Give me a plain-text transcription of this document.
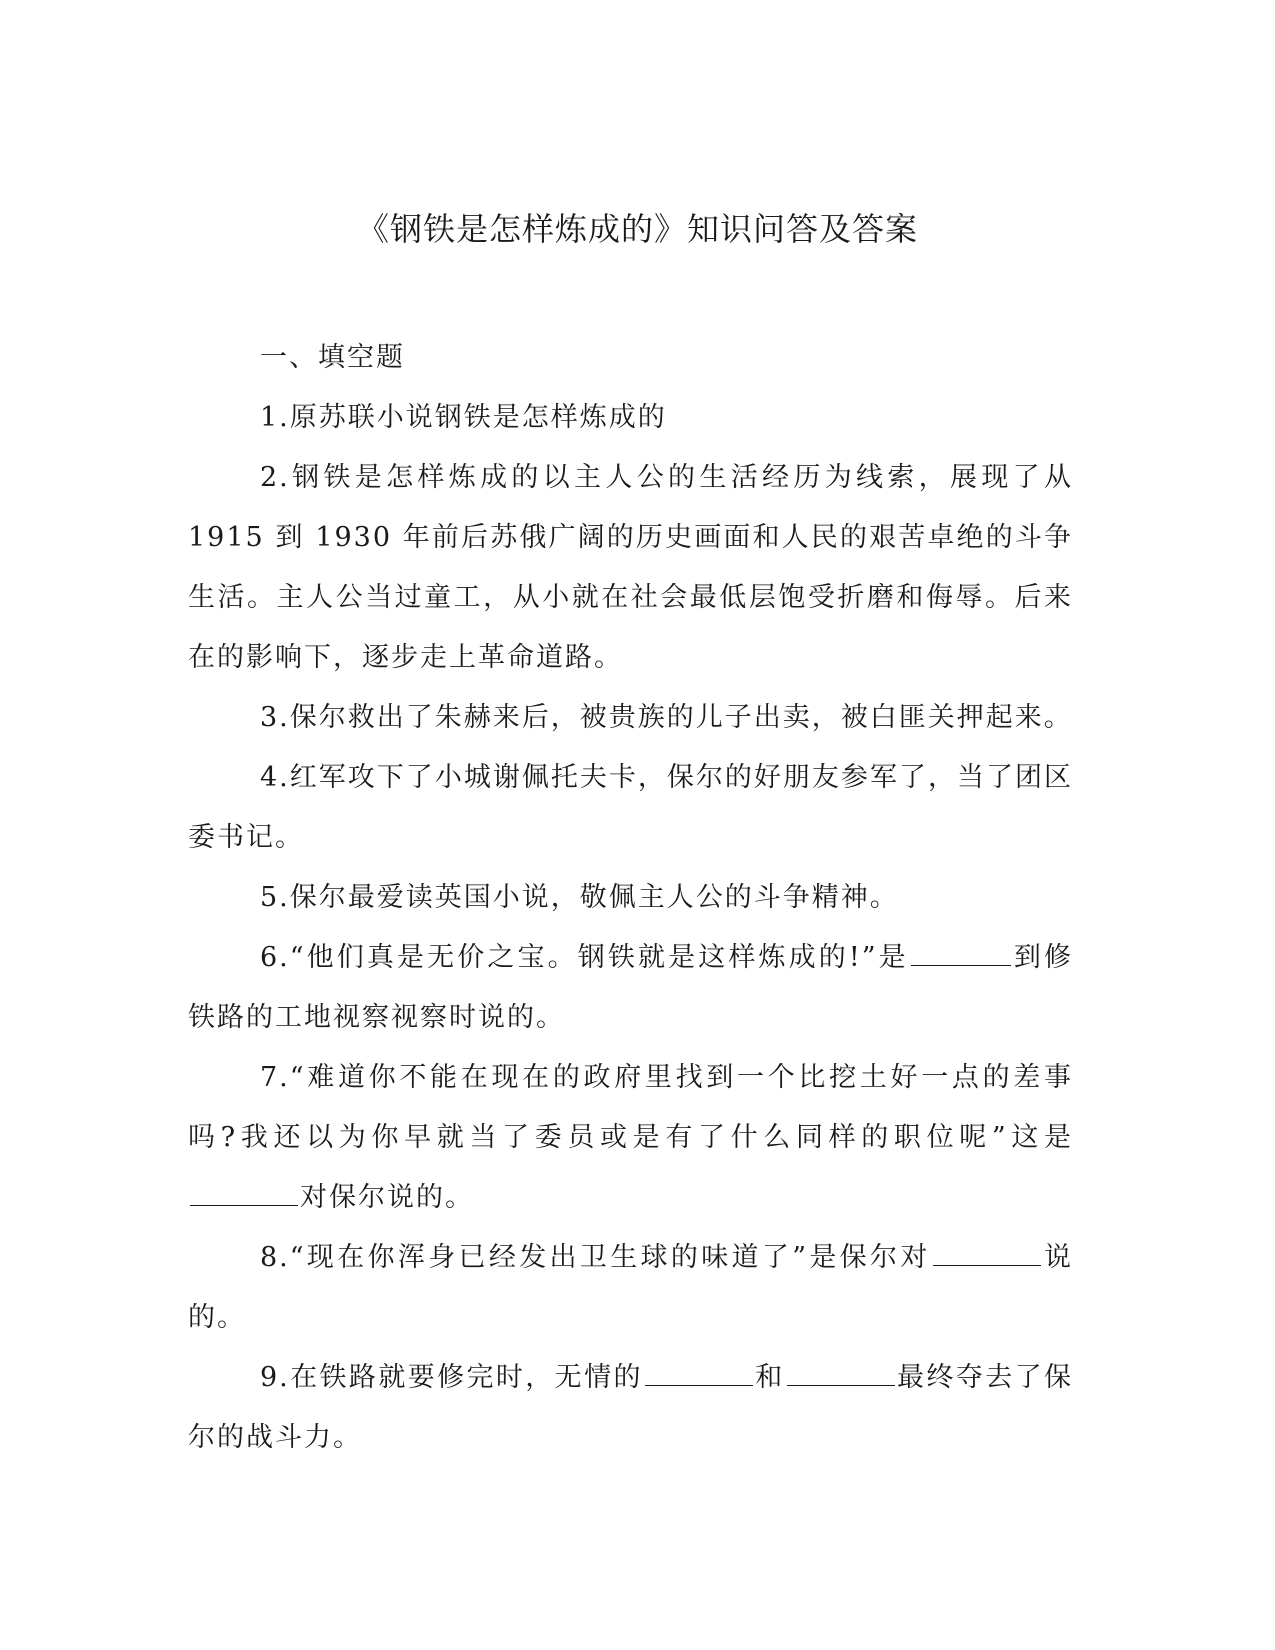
《钢铁是怎样炼成的》知识问答及答案

一、填空题

1.原苏联小说钢铁是怎样炼成的

2.钢铁是怎样炼成的以主人公的生活经历为线索，展现了从 1915 到 1930 年前后苏俄广阔的历史画面和人民的艰苦卓绝的斗争生活。主人公当过童工，从小就在社会最低层饱受折磨和侮辱。后来在的影响下，逐步走上革命道路。

3.保尔救出了朱赫来后，被贵族的儿子出卖，被白匪关押起来。

4.红军攻下了小城谢佩托夫卡，保尔的好朋友参军了，当了团区委书记。

5.保尔最爱读英国小说，敬佩主人公的斗争精神。

6.“他们真是无价之宝。钢铁就是这样炼成的!”是	到修铁路的工地视察视察时说的。

7.“难道你不能在现在的政府里找到一个比挖土好一点的差事吗?我还以为你早就当了委员或是有了什么同样的职位呢”这是对保尔说的。

8.“现在你浑身已经发出卫生球的味道了”是保尔对	说的。

9.在铁路就要修完时，无情的	和	最终夺去了保尔的战斗力。
